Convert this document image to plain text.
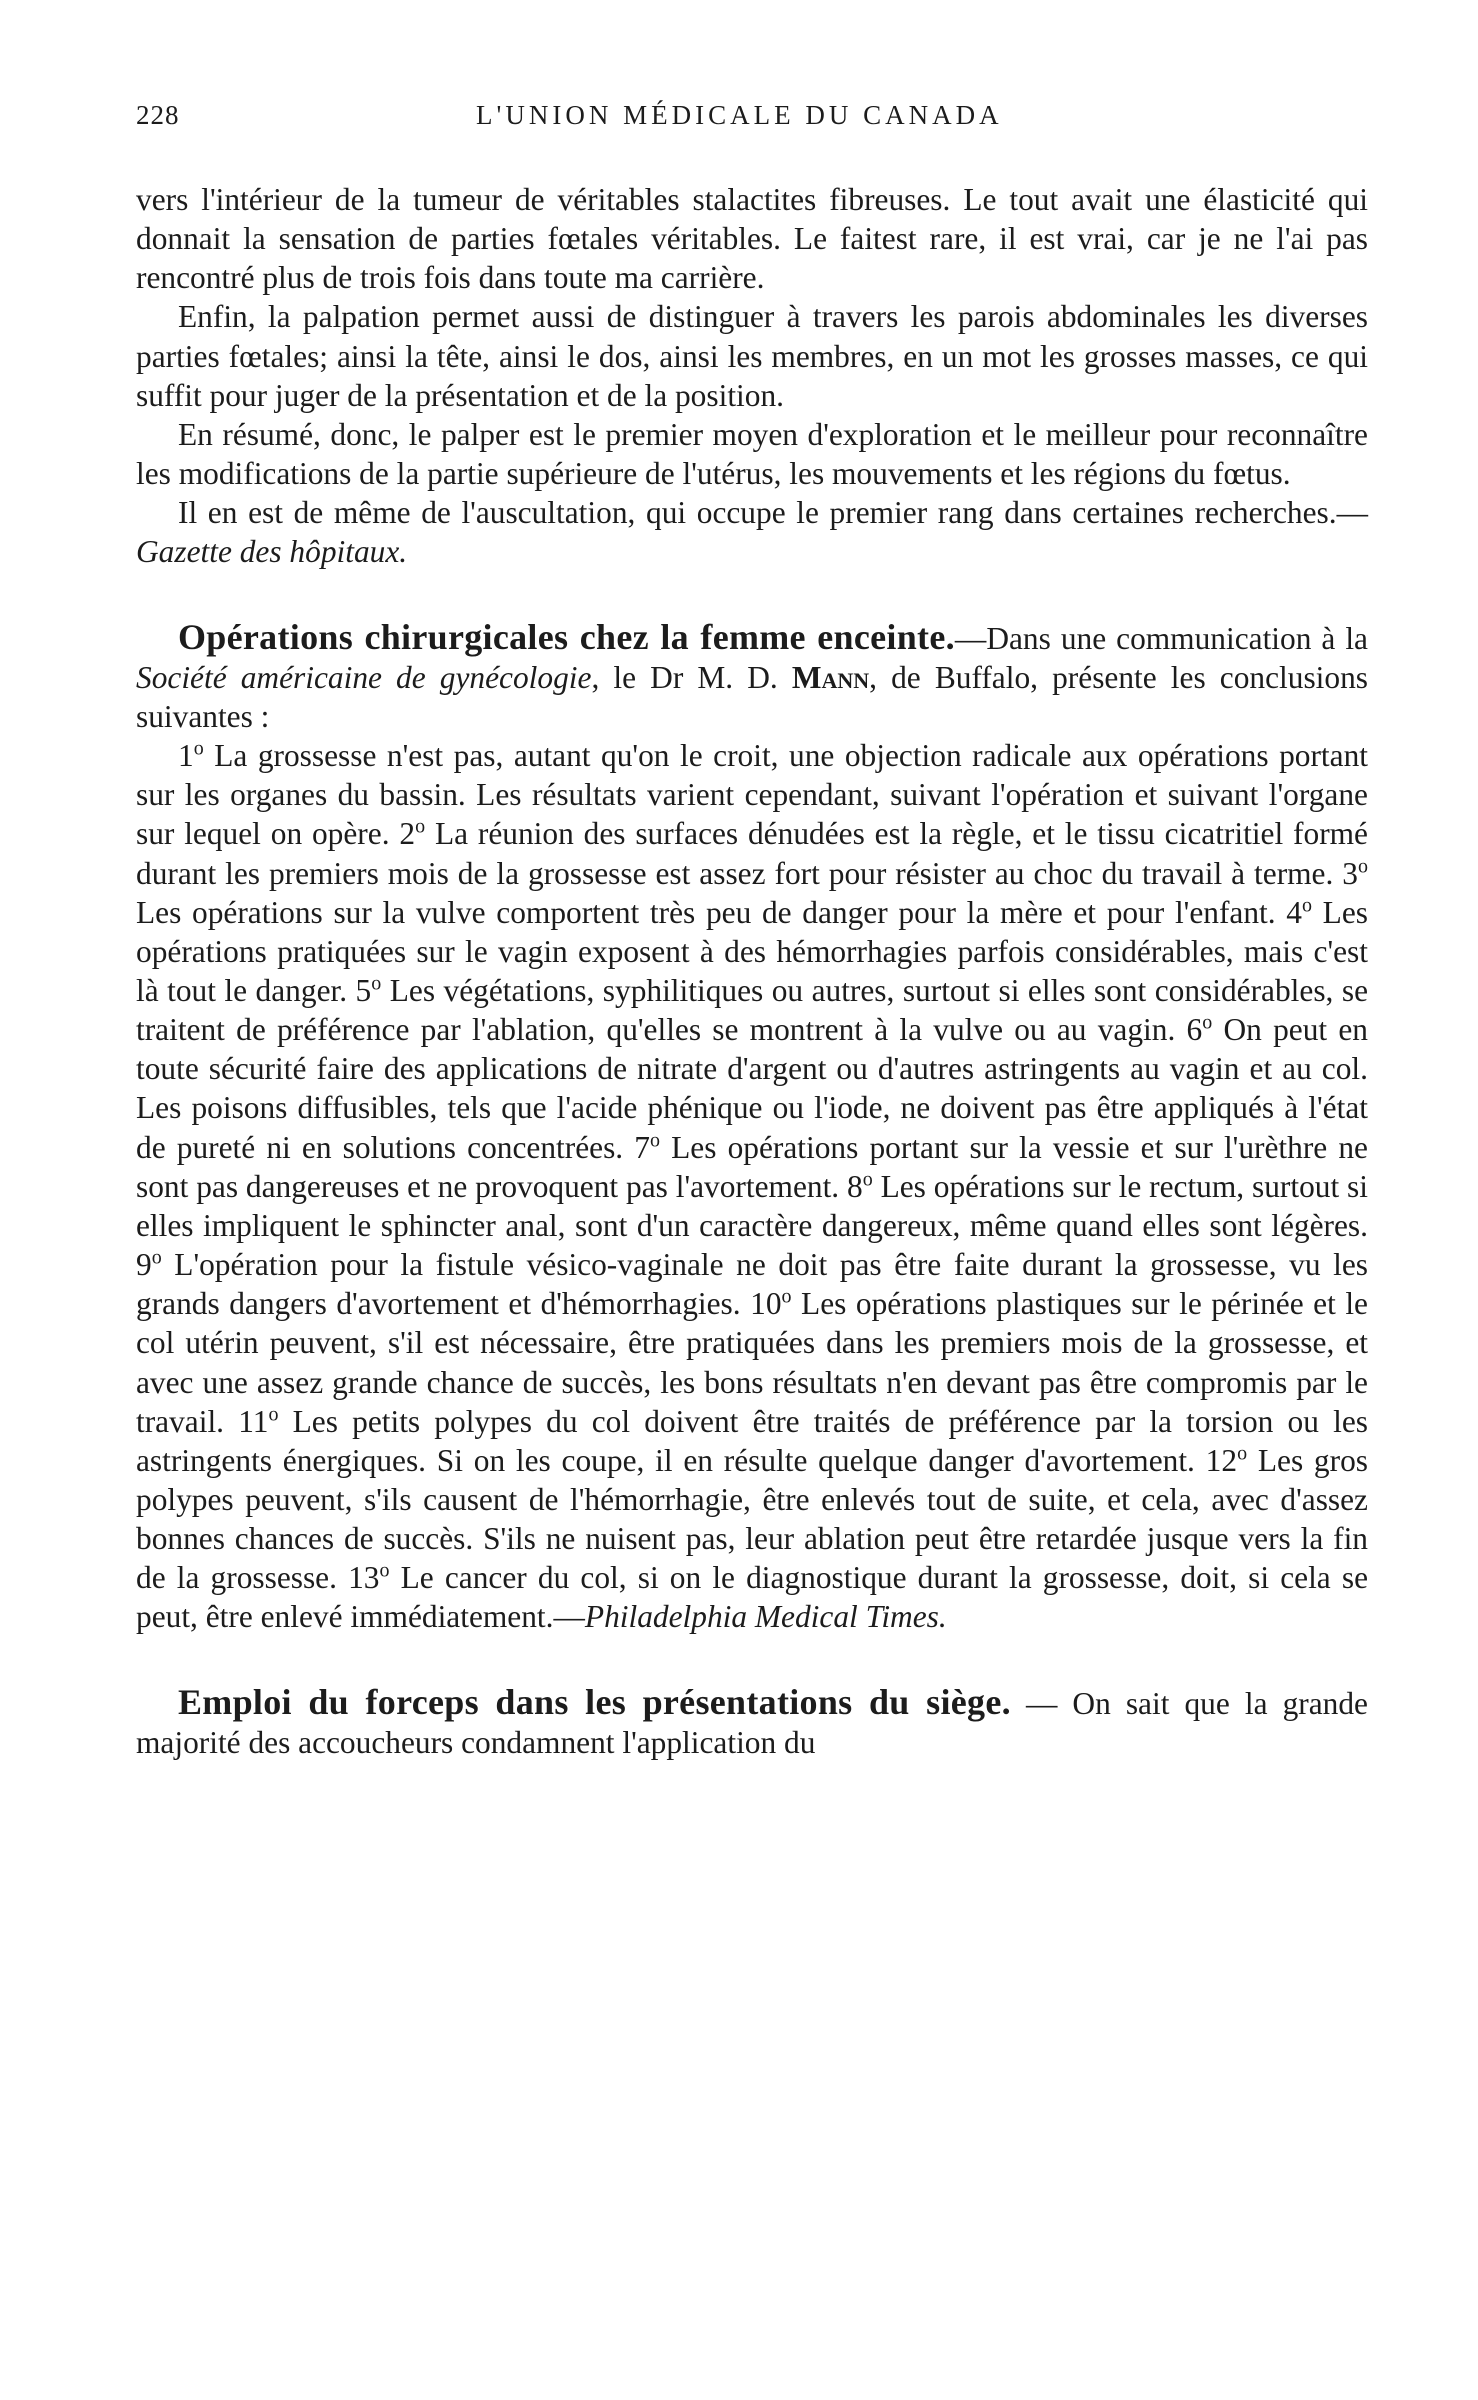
228	L'UNION MÉDICALE DU CANADA

vers l'intérieur de la tumeur de véritables stalactites fibreuses. Le tout avait une élasticité qui donnait la sensation de parties fœtales véritables. Le faitest rare, il est vrai, car je ne l'ai pas rencontré plus de trois fois dans toute ma carrière.

Enfin, la palpation permet aussi de distinguer à travers les parois abdominales les diverses parties fœtales; ainsi la tête, ainsi le dos, ainsi les membres, en un mot les grosses masses, ce qui suffit pour juger de la présentation et de la position.

En résumé, donc, le palper est le premier moyen d'exploration et le meilleur pour reconnaître les modifications de la partie supérieure de l'utérus, les mouvements et les régions du fœtus.

Il en est de même de l'auscultation, qui occupe le premier rang dans certaines recherches.—Gazette des hôpitaux.

Opérations chirurgicales chez la femme enceinte.—Dans une communication à la Société américaine de gynécologie, le Dr M. D. Mann, de Buffalo, présente les conclusions suivantes :

1$^o$ La grossesse n'est pas, autant qu'on le croit, une objection radicale aux opérations portant sur les organes du bassin. Les résultats varient cependant, suivant l'opération et suivant l'organe sur lequel on opère. 2$^o$ La réunion des surfaces dénudées est la règle, et le tissu cicatritiel formé durant les premiers mois de la grossesse est assez fort pour résister au choc du travail à terme. 3$^o$ Les opérations sur la vulve comportent très peu de danger pour la mère et pour l'enfant. 4$^o$ Les opérations pratiquées sur le vagin exposent à des hémorrhagies parfois considérables, mais c'est là tout le danger. 5$^o$ Les végétations, syphilitiques ou autres, surtout si elles sont considérables, se traitent de préférence par l'ablation, qu'elles se montrent à la vulve ou au vagin. 6$^o$ On peut en toute sécurité faire des applications de nitrate d'argent ou d'autres astringents au vagin et au col. Les poisons diffusibles, tels que l'acide phénique ou l'iode, ne doivent pas être appliqués à l'état de pureté ni en solutions concentrées. 7$^o$ Les opérations portant sur la vessie et sur l'urèthre ne sont pas dangereuses et ne provoquent pas l'avortement. 8$^o$ Les opérations sur le rectum, surtout si elles impliquent le sphincter anal, sont d'un caractère dangereux, même quand elles sont légères. 9$^o$ L'opération pour la fistule vésico-vaginale ne doit pas être faite durant la grossesse, vu les grands dangers d'avortement et d'hémorrhagies. 10$^o$ Les opérations plastiques sur le périnée et le col utérin peuvent, s'il est nécessaire, être pratiquées dans les premiers mois de la grossesse, et avec une assez grande chance de succès, les bons résultats n'en devant pas être compromis par le travail. 11$^o$ Les petits polypes du col doivent être traités de préférence par la torsion ou les astringents énergiques. Si on les coupe, il en résulte quelque danger d'avortement. 12$^o$ Les gros polypes peuvent, s'ils causent de l'hémorrhagie, être enlevés tout de suite, et cela, avec d'assez bonnes chances de succès. S'ils ne nuisent pas, leur ablation peut être retardée jusque vers la fin de la grossesse. 13$^o$ Le cancer du col, si on le diagnostique durant la grossesse, doit, si cela se peut, être enlevé immédiatement.—Philadelphia Medical Times.

Emploi du forceps dans les présentations du siège. — On sait que la grande majorité des accoucheurs condamnent l'application du
